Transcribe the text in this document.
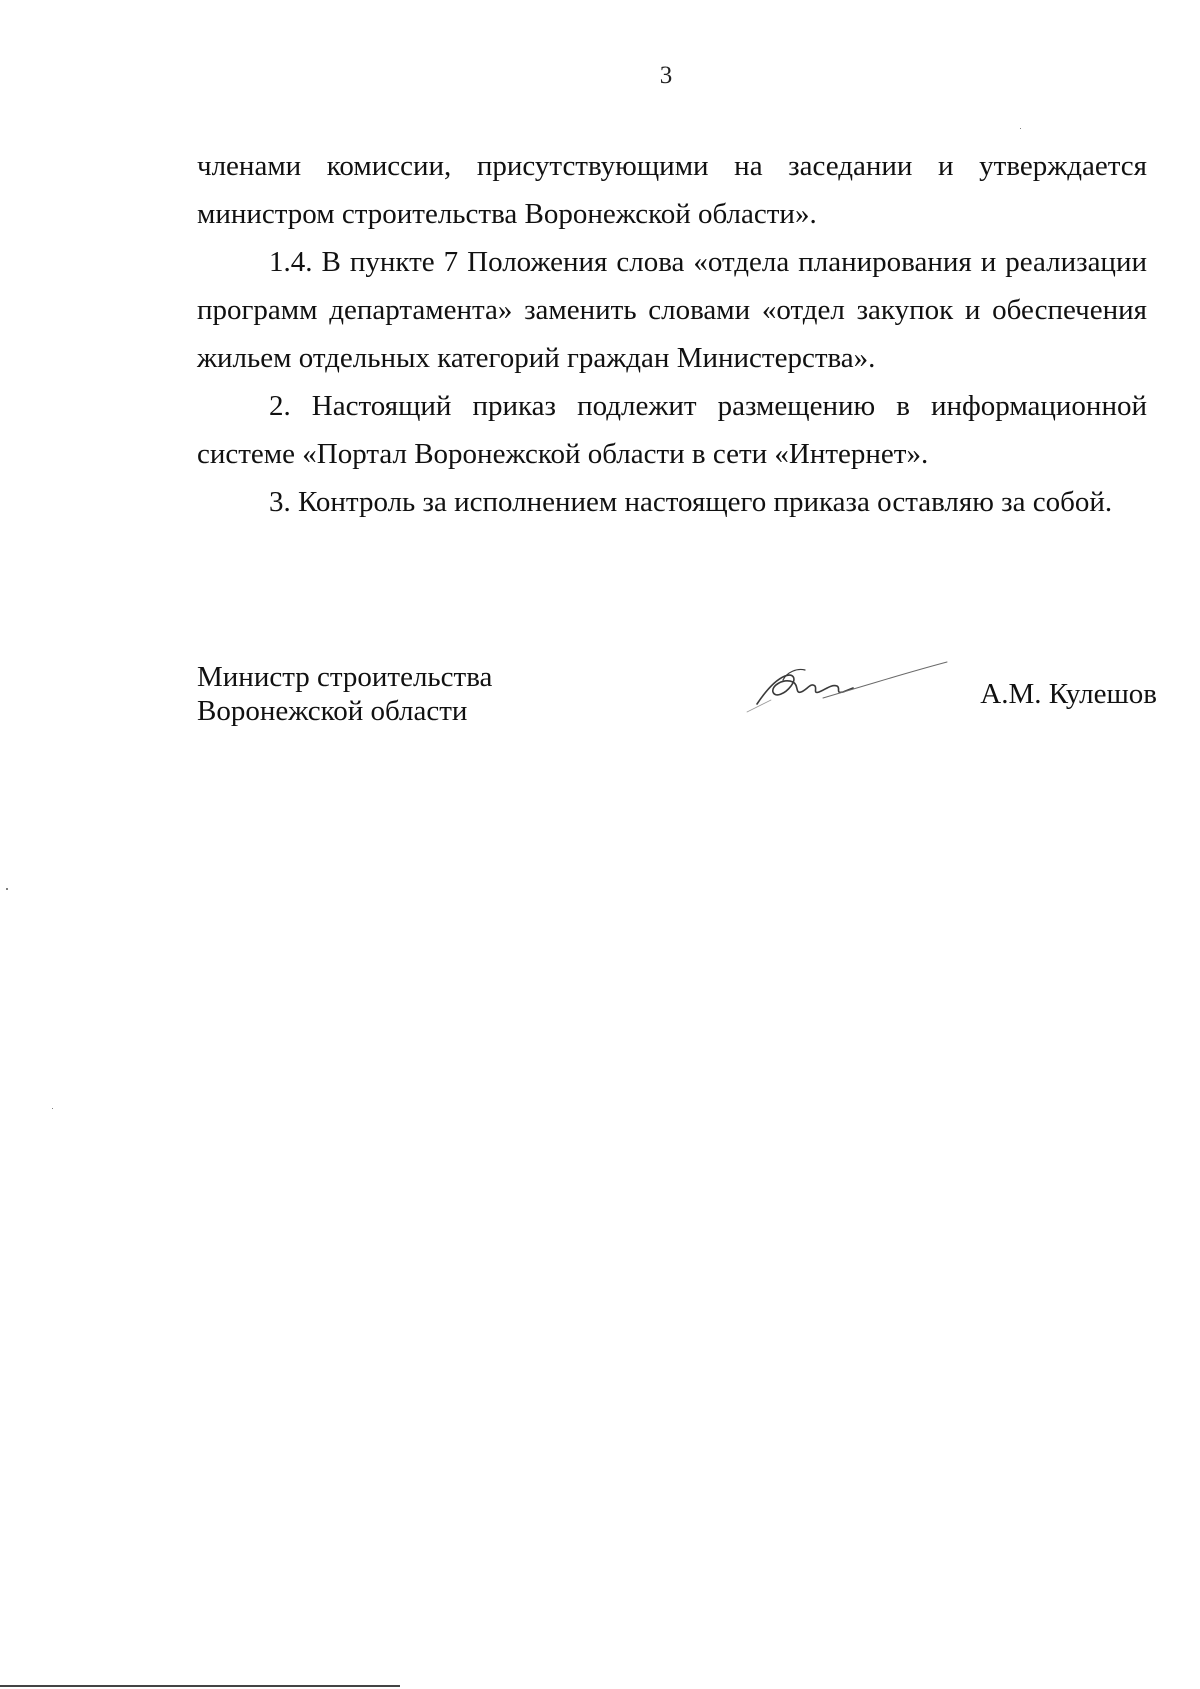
3

членами комиссии, присутствующими на заседании и утверждается министром строительства Воронежской области».

1.4. В пункте 7 Положения слова «отдела планирования и реализации программ департамента» заменить словами «отдел закупок и обеспечения жильем отдельных категорий граждан Министерства».

2. Настоящий приказ подлежит размещению в информационной системе «Портал Воронежской области в сети «Интернет».

3. Контроль за исполнением настоящего приказа оставляю за собой.

Министр строительства
Воронежской области
А.М. Кулешов
